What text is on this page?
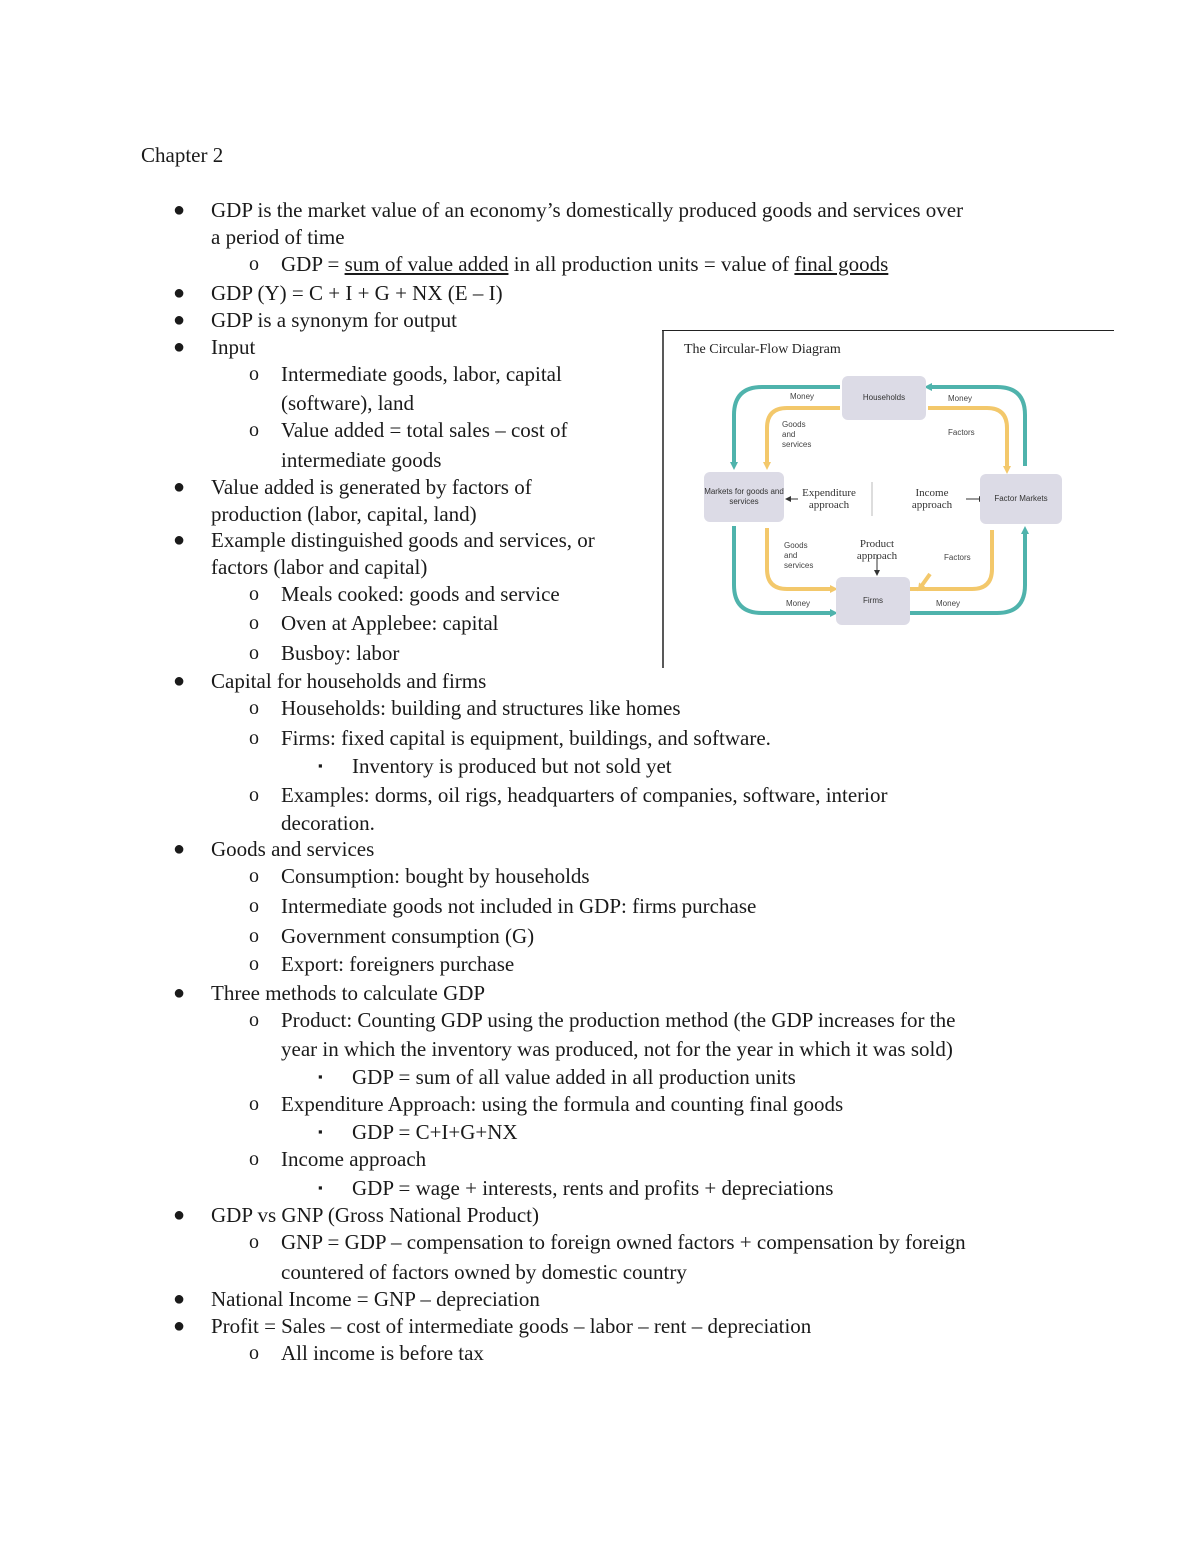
Chapter 2
●
o
●
●
●
o
o
●
●
o
o
o
●
o
o
▪
o
●
o
o
o
o
●
o
▪
o
▪
o
▪
●
o
●
●
o
GDP is the market value of an economy’s domestically produced goods and services over
a period of time
GDP = sum of value added in all production units = value of final goods
GDP (Y) = C + I + G + NX (E – I)
GDP is a synonym for output
Input
Intermediate goods, labor, capital
(software), land
Value added = total sales – cost of
intermediate goods
Value added is generated by factors of
production (labor, capital, land)
Example distinguished goods and services, or
factors (labor and capital)
Meals cooked: goods and service
Oven at Applebee: capital
Busboy: labor
Capital for households and firms
Households: building and structures like homes
Firms: fixed capital is equipment, buildings, and software.
Inventory is produced but not sold yet
Examples: dorms, oil rigs, headquarters of companies, software, interior
decoration.
Goods and services
Consumption: bought by households
Intermediate goods not included in GDP: firms purchase
Government consumption (G)
Export: foreigners purchase
Three methods to calculate GDP
Product: Counting GDP using the production method (the GDP increases for the
year in which the inventory was produced, not for the year in which it was sold)
GDP = sum of all value added in all production units
Expenditure Approach: using the formula and counting final goods
GDP = C+I+G+NX
Income approach
GDP = wage + interests, rents and profits + depreciations
GDP vs GNP (Gross National Product)
GNP = GDP – compensation to foreign owned factors + compensation by foreign
countered of factors owned by domestic country
National Income = GNP – depreciation
Profit = Sales – cost of intermediate goods – labor – rent – depreciation
All income is before tax
The Circular-Flow Diagram
Households
Firms
Markets for goods and services	Factor Markets
Money	Money
Money	Money
Goods and services
Factors
Goods and services
Factors
Expenditure approach
Income approach
Product approach
